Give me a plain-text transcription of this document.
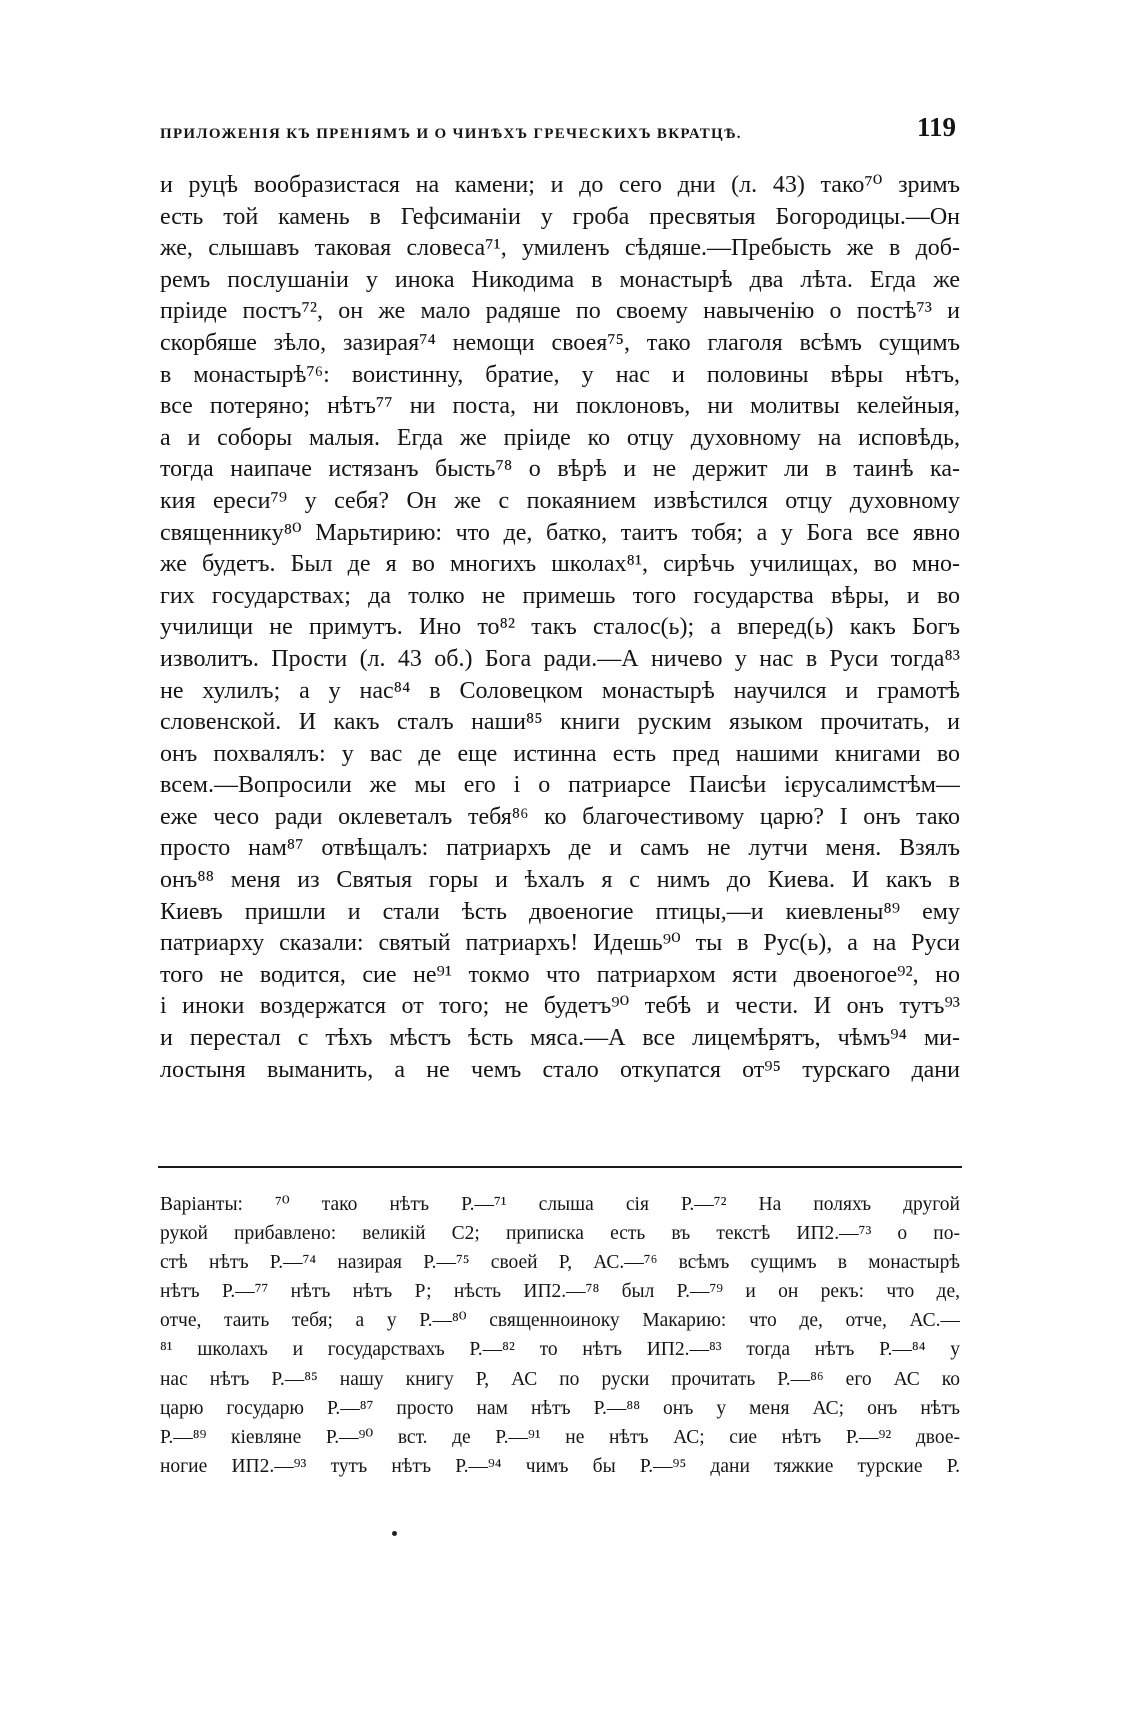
ПРИЛОЖЕНІЯ КЪ ПРЕНІЯМЪ И О ЧИНѢХЪ ГРЕЧЕСКИХЪ ВКРАТЦѢ.	119
и руцѣ вообразистася на камени; и до сего дни (л. 43) тако⁷⁰ зримъ
есть той камень в Гефсиманіи у гроба пресвятыя Богородицы.—Он
же, слышавъ таковая словеса⁷¹, умиленъ сѣдяше.—Пребысть же в доб-
ремъ послушаніи у инока Никодима в монастырѣ два лѣта. Егда же
пріиде постъ⁷², он же мало радяше по своему навыченію о постѣ⁷³ и
скорбяше зѣло, зазирая⁷⁴ немощи своея⁷⁵, тако глаголя всѣмъ сущимъ
в монастырѣ⁷⁶: воистинну, братие, у нас и половины вѣры нѣтъ,
все потеряно; нѣтъ⁷⁷ ни поста, ни поклоновъ, ни молитвы келейныя,
а и соборы малыя. Егда же пріиде ко отцу духовному на исповѣдь,
тогда наипаче истязанъ бысть⁷⁸ о вѣрѣ и не держит ли в таинѣ ка-
кия ереси⁷⁹ у себя? Он же с покаянием извѣстился отцу духовному
священнику⁸⁰ Марьтирию: что де, батко, таитъ тобя; а у Бога все явно
же будетъ. Был де я во многихъ школах⁸¹, сирѣчь училищах, во мно-
гих государствах; да толко не примешь того государства вѣры, и во
училищи не примутъ. Ино то⁸² такъ сталос(ь); а вперед(ь) какъ Богъ
изволитъ. Прости (л. 43 об.) Бога ради.—А ничево у нас в Руси тогда⁸³
не хулилъ; а у нас⁸⁴ в Соловецком монастырѣ научился и грамотѣ
словенской. И какъ сталъ наши⁸⁵ книги руским языком прочитать, и
онъ похвалялъ: у вас де еще истинна есть пред нашими книгами во
всем.—Вопросили же мы его і о патриарсе Паисѣи ієрусалимстѣм—
еже чесо ради оклеветалъ тебя⁸⁶ ко благочестивому царю? І онъ тако
просто нам⁸⁷ отвѣщалъ: патриархъ де и самъ не лутчи меня. Взялъ
онъ⁸⁸ меня из Святыя горы и ѣхалъ я с нимъ до Киева. И какъ в
Киевъ пришли и стали ѣсть двоеногие птицы,—и киевлены⁸⁹ ему
патриарху сказали: святый патриархъ! Идешь⁹⁰ ты в Рус(ь), а на Руси
того не водится, сие не⁹¹ токмо что патриархом ясти двоеногое⁹², но
і иноки воздержатся от того; не будетъ⁹⁰ тебѣ и чести. И онъ тутъ⁹³
и перестал с тѣхъ мѣстъ ѣсть мяса.—А все лицемѣрятъ, чѣмъ⁹⁴ ми-
лостыня выманить, а не чемъ стало откупатся от⁹⁵ турскаго дани
Варіанты: ⁷⁰ тако нѣтъ Р.—⁷¹ слыша сія Р.—⁷² На поляхъ другой
рукой прибавлено: великій С2; приписка есть въ текстѣ ИП2.—⁷³ о по-
стѣ нѣтъ Р.—⁷⁴ назирая Р.—⁷⁵ своей Р, АС.—⁷⁶ всѣмъ сущимъ в монастырѣ
нѣтъ Р.—⁷⁷ нѣтъ нѣтъ Р; нѣсть ИП2.—⁷⁸ был Р.—⁷⁹ и он рекъ: что де,
отче, таить тебя; а у Р.—⁸⁰ священноиноку Макарию: что де, отче, АС.—
⁸¹ школахъ и государствахъ Р.—⁸² то нѣтъ ИП2.—⁸³ тогда нѣтъ Р.—⁸⁴ у
нас нѣтъ Р.—⁸⁵ нашу книгу Р, АС по руски прочитать Р.—⁸⁶ его АС ко
царю государю Р.—⁸⁷ просто нам нѣтъ Р.—⁸⁸ онъ у меня АС; онъ нѣтъ
Р.—⁸⁹ кіевляне Р.—⁹⁰ вст. де Р.—⁹¹ не нѣтъ АС; сие нѣтъ Р.—⁹² двое-
ногие ИП2.—⁹³ тутъ нѣтъ Р.—⁹⁴ чимъ бы Р.—⁹⁵ дани тяжкие турские Р.
